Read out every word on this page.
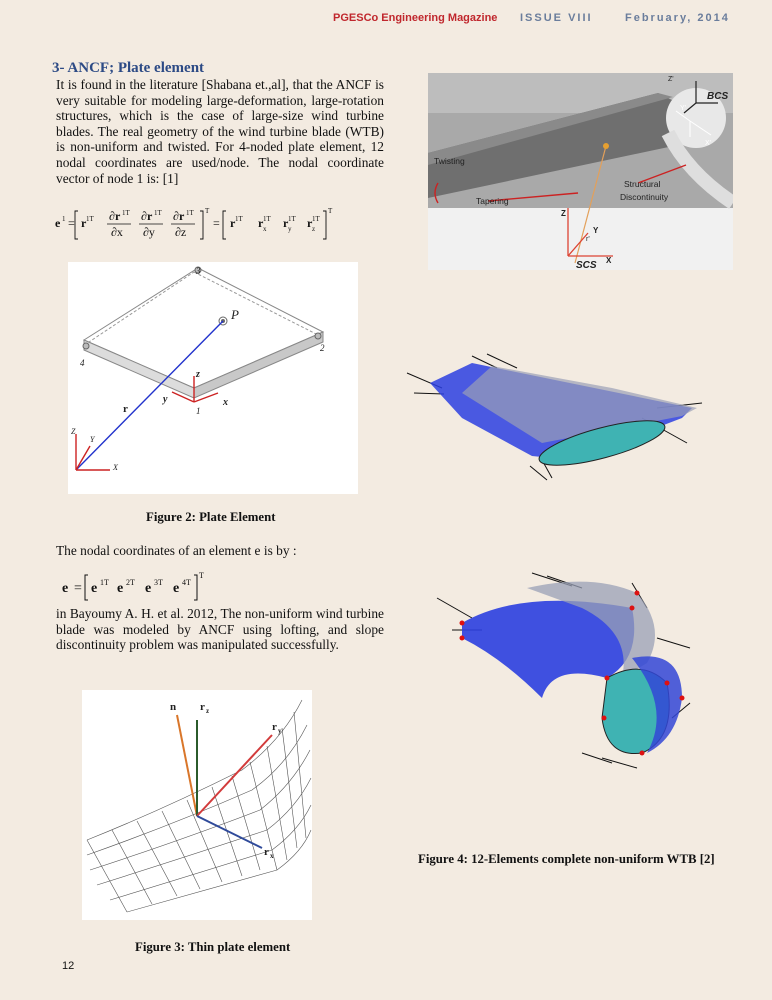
PGESCo Engineering Magazine ISSUE VIII	February, 2014
3- ANCF; Plate element
It is found in the literature [Shabana et.,al], that the ANCF is very suitable for modeling large-deformation, large-rotation structures, which is the case of large-size wind turbine blades. The real geometry of the wind turbine blade (WTB) is non-uniform and twisted. For 4-noded plate element, 12 nodal coordinates are used/node. The nodal coordinate vector of node 1 is: [1]
e 1 = r 1T ∂r 1T
∂x
∂r 1T
∂y
∂r 1T
∂z
T
= r 1T r 1T
x r 1T
y r 1T
z
T
P
3
2
4
1
r
x
y
z
X
Y
Z
Figure 2: Plate Element
The nodal coordinates of an element e is by :
e = e 1T e 2T e 3T e 4T
T
in Bayoumy A. H. et al. 2012, The non-uniform wind turbine blade was modeled by ANCF using lofting, and slope discontinuity problem was manipulated successfully.
n r z
r y
r x
Figure 3: Thin plate element
BCS
SCS
Twisting
Tapering
Structural
Discontinuity
X'
Y'
Z'
r'
X
Y
Z
Figure 4: 12-Elements complete non-uniform WTB [2]
12
